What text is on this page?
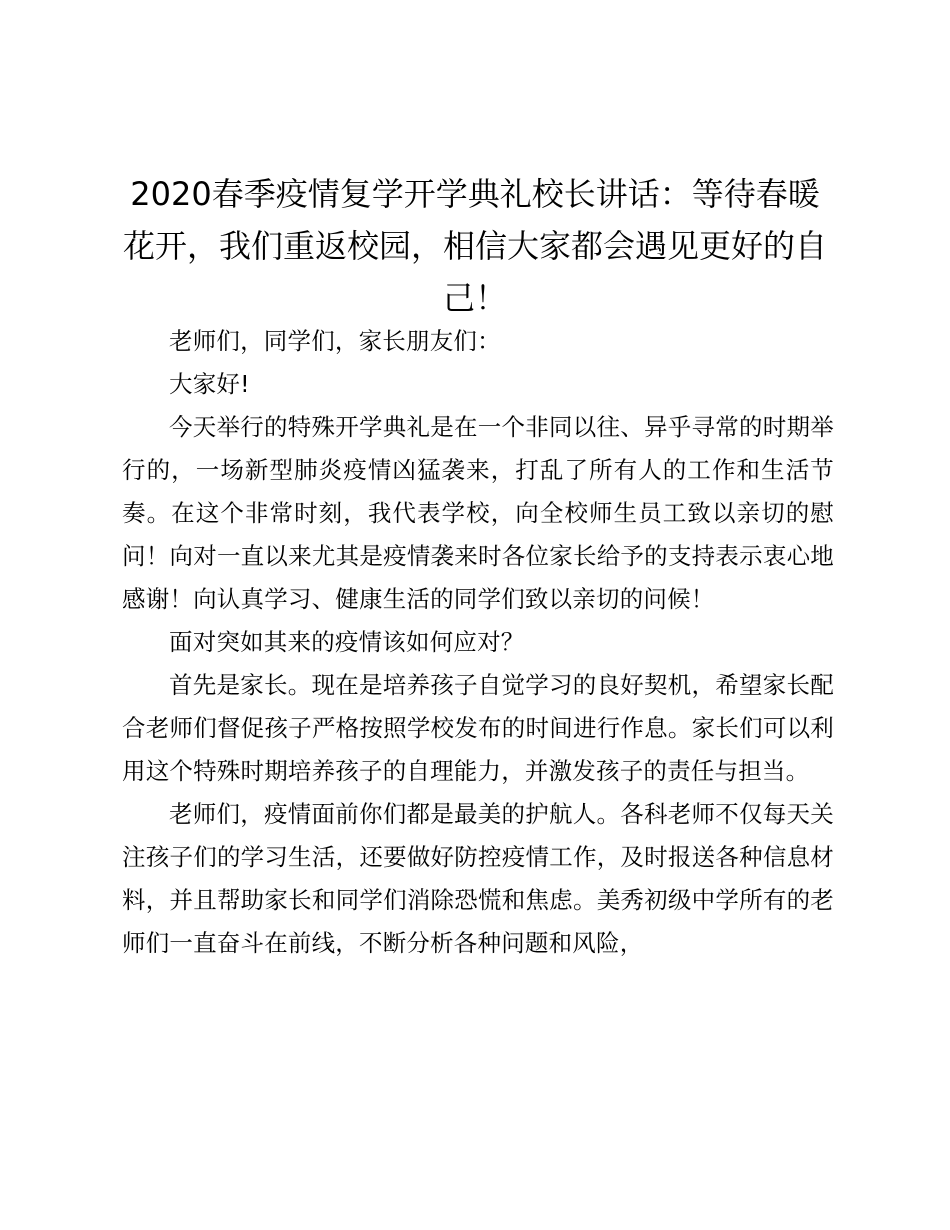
2020春季疫情复学开学典礼校长讲话：等待春暖花开，我们重返校园，相信大家都会遇见更好的自己！

老师们，同学们，家长朋友们：

大家好!

今天举行的特殊开学典礼是在一个非同以往、异乎寻常的时期举行的，一场新型肺炎疫情凶猛袭来，打乱了所有人的工作和生活节奏。在这个非常时刻，我代表学校，向全校师生员工致以亲切的慰问！向对一直以来尤其是疫情袭来时各位家长给予的支持表示衷心地感谢！向认真学习、健康生活的同学们致以亲切的问候！

面对突如其来的疫情该如何应对？

首先是家长。现在是培养孩子自觉学习的良好契机，希望家长配合老师们督促孩子严格按照学校发布的时间进行作息。家长们可以利用这个特殊时期培养孩子的自理能力，并激发孩子的责任与担当。

老师们，疫情面前你们都是最美的护航人。各科老师不仅每天关注孩子们的学习生活，还要做好防控疫情工作，及时报送各种信息材料，并且帮助家长和同学们消除恐慌和焦虑。美秀初级中学所有的老师们一直奋斗在前线，不断分析各种问题和风险，
